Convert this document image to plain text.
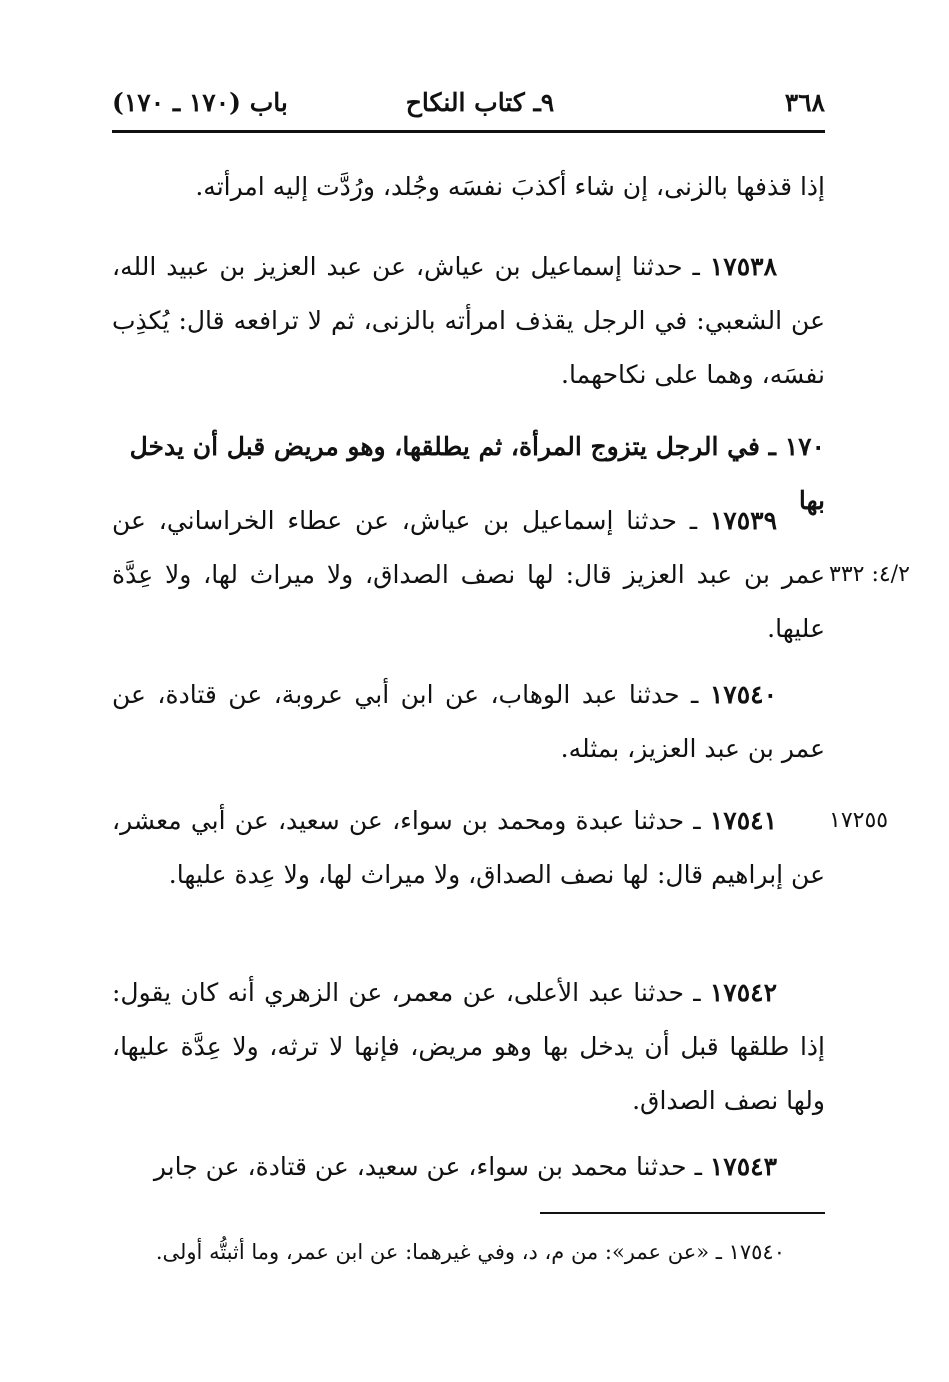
٣٦٨
٩ـ كتاب النكاح
باب (١٧٠ ـ ١٧٠)
إذا قذفها بالزنى، إن شاء أكذبَ نفسَه وجُلد، ورُدَّت إليه امرأته.
١٧٥٣٨ ـ حدثنا إسماعيل بن عياش، عن عبد العزيز بن عبيد الله، عن الشعبي: في الرجل يقذف امرأته بالزنى، ثم لا ترافعه قال: يُكذِب نفسَه، وهما على نكاحهما.
١٧٠ ـ في الرجل يتزوج المرأة، ثم يطلقها، وهو مريض قبل أن يدخل بها
١٧٥٣٩ ـ حدثنا إسماعيل بن عياش، عن عطاء الخراساني، عن عمر بن عبد العزيز قال: لها نصف الصداق، ولا ميراث لها، ولا عِدَّة عليها.
٤/٢: ٣٣٢
١٧٥٤٠ ـ حدثنا عبد الوهاب، عن ابن أبي عروبة، عن قتادة، عن عمر بن عبد العزيز، بمثله.
١٧٥٤١ ـ حدثنا عبدة ومحمد بن سواء، عن سعيد، عن أبي معشر، عن إبراهيم قال: لها نصف الصداق، ولا ميراث لها، ولا عِدة عليها.
١٧٢٥٥
١٧٥٤٢ ـ حدثنا عبد الأعلى، عن معمر، عن الزهري أنه كان يقول: إذا طلقها قبل أن يدخل بها وهو مريض، فإنها لا ترثه، ولا عِدَّة عليها، ولها نصف الصداق.
١٧٥٤٣ ـ حدثنا محمد بن سواء، عن سعيد، عن قتادة، عن جابر
١٧٥٤٠ ـ «عن عمر»: من م، د، وفي غيرهما: عن ابن عمر، وما أثبتُّه أولى.
